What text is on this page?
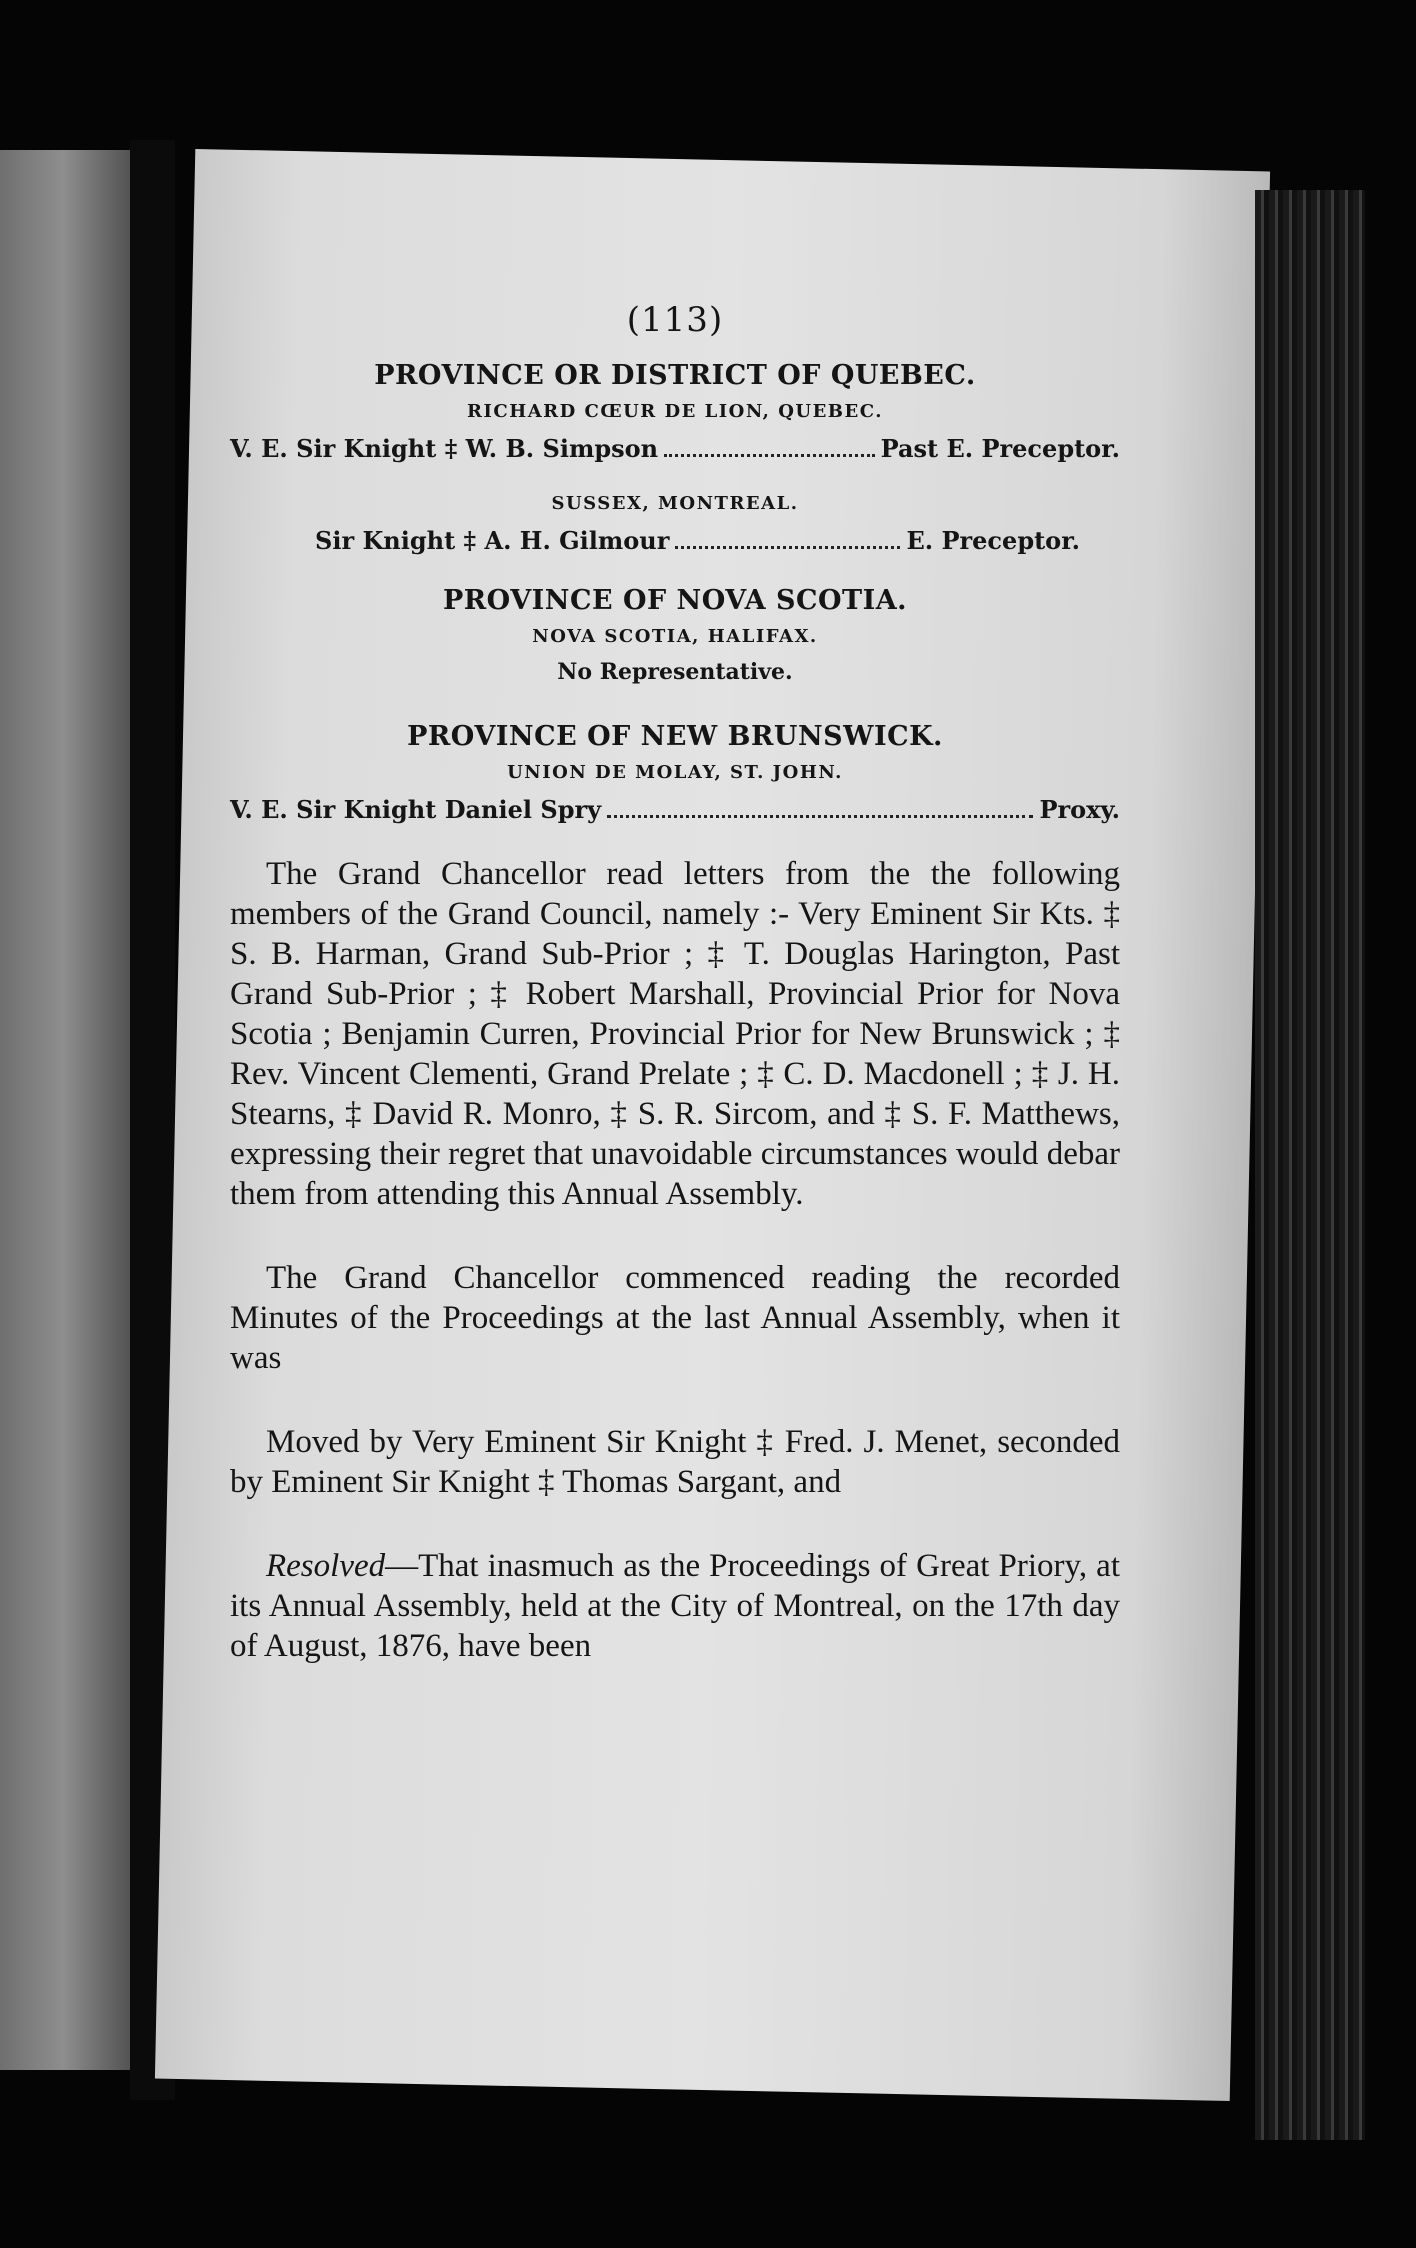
(113)
PROVINCE OR DISTRICT OF QUEBEC.
RICHARD CŒUR DE LION, QUEBEC.
V. E. Sir Knight ‡ W. B. Simpson	Past E. Preceptor.
SUSSEX, MONTREAL.
Sir Knight ‡ A. H. Gilmour	E. Preceptor.
PROVINCE OF NOVA SCOTIA.
NOVA SCOTIA, HALIFAX.
No Representative.
PROVINCE OF NEW BRUNSWICK.
UNION DE MOLAY, ST. JOHN.
V. E. Sir Knight Daniel Spry	Proxy.

The Grand Chancellor read letters from the the following members of the Grand Council, namely :- Very Eminent Sir Kts. ‡ S. B. Harman, Grand Sub-Prior ; ‡ T. Douglas Harington, Past Grand Sub-Prior ; ‡ Robert Marshall, Provincial Prior for Nova Scotia ; Benjamin Curren, Provincial Prior for New Brunswick ; ‡ Rev. Vincent Clementi, Grand Prelate ; ‡ C. D. Macdonell ; ‡ J. H. Stearns, ‡ David R. Monro, ‡ S. R. Sircom, and ‡ S. F. Matthews, expressing their regret that unavoidable circumstances would debar them from attending this Annual Assembly.

The Grand Chancellor commenced reading the recorded Minutes of the Proceedings at the last Annual Assembly, when it was

Moved by Very Eminent Sir Knight ‡ Fred. J. Menet, seconded by Eminent Sir Knight ‡ Thomas Sargant, and

Resolved—That inasmuch as the Proceedings of Great Priory, at its Annual Assembly, held at the City of Montreal, on the 17th day of August, 1876, have been
